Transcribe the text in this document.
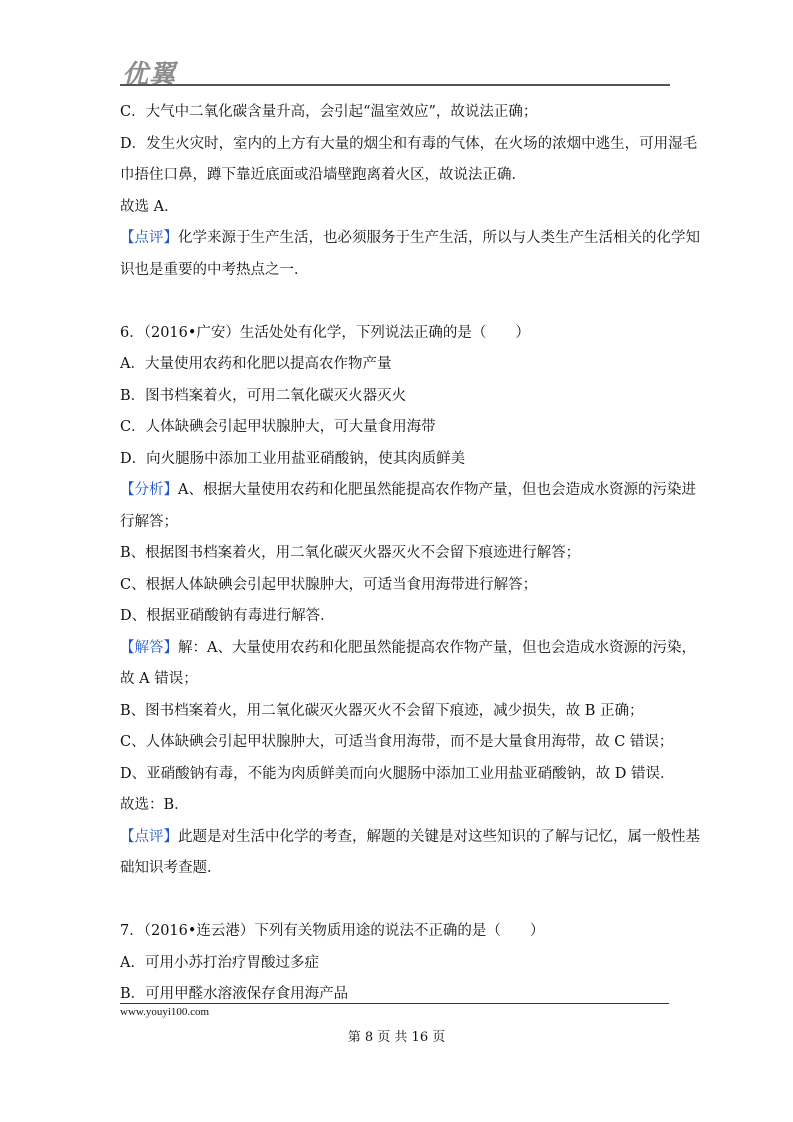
优翼
C．大气中二氧化碳含量升高，会引起“温室效应”，故说法正确；
D．发生火灾时，室内的上方有大量的烟尘和有毒的气体，在火场的浓烟中逃生，可用湿毛
巾捂住口鼻，蹲下靠近底面或沿墙壁跑离着火区，故说法正确．
故选 A．
【点评】化学来源于生产生活，也必须服务于生产生活，所以与人类生产生活相关的化学知
识也是重要的中考热点之一．
6．（2016•广安）生活处处有化学，下列说法正确的是（　　）
A．大量使用农药和化肥以提高农作物产量
B．图书档案着火，可用二氧化碳灭火器灭火
C．人体缺碘会引起甲状腺肿大，可大量食用海带
D．向火腿肠中添加工业用盐亚硝酸钠，使其肉质鲜美
【分析】A、根据大量使用农药和化肥虽然能提高农作物产量，但也会造成水资源的污染进
行解答；
B、根据图书档案着火，用二氧化碳灭火器灭火不会留下痕迹进行解答；
C、根据人体缺碘会引起甲状腺肿大，可适当食用海带进行解答；
D、根据亚硝酸钠有毒进行解答．
【解答】解：A、大量使用农药和化肥虽然能提高农作物产量，但也会造成水资源的污染，
故 A 错误；
B、图书档案着火，用二氧化碳灭火器灭火不会留下痕迹，减少损失，故 B 正确；
C、人体缺碘会引起甲状腺肿大，可适当食用海带，而不是大量食用海带，故 C 错误；
D、亚硝酸钠有毒，不能为肉质鲜美而向火腿肠中添加工业用盐亚硝酸钠，故 D 错误．
故选：B．
【点评】此题是对生活中化学的考查，解题的关键是对这些知识的了解与记忆，属一般性基
础知识考查题．
7．（2016•连云港）下列有关物质用途的说法不正确的是（　　）
A．可用小苏打治疗胃酸过多症
B．可用甲醛水溶液保存食用海产品
www.youyi100.com
第 8 页 共 16 页
